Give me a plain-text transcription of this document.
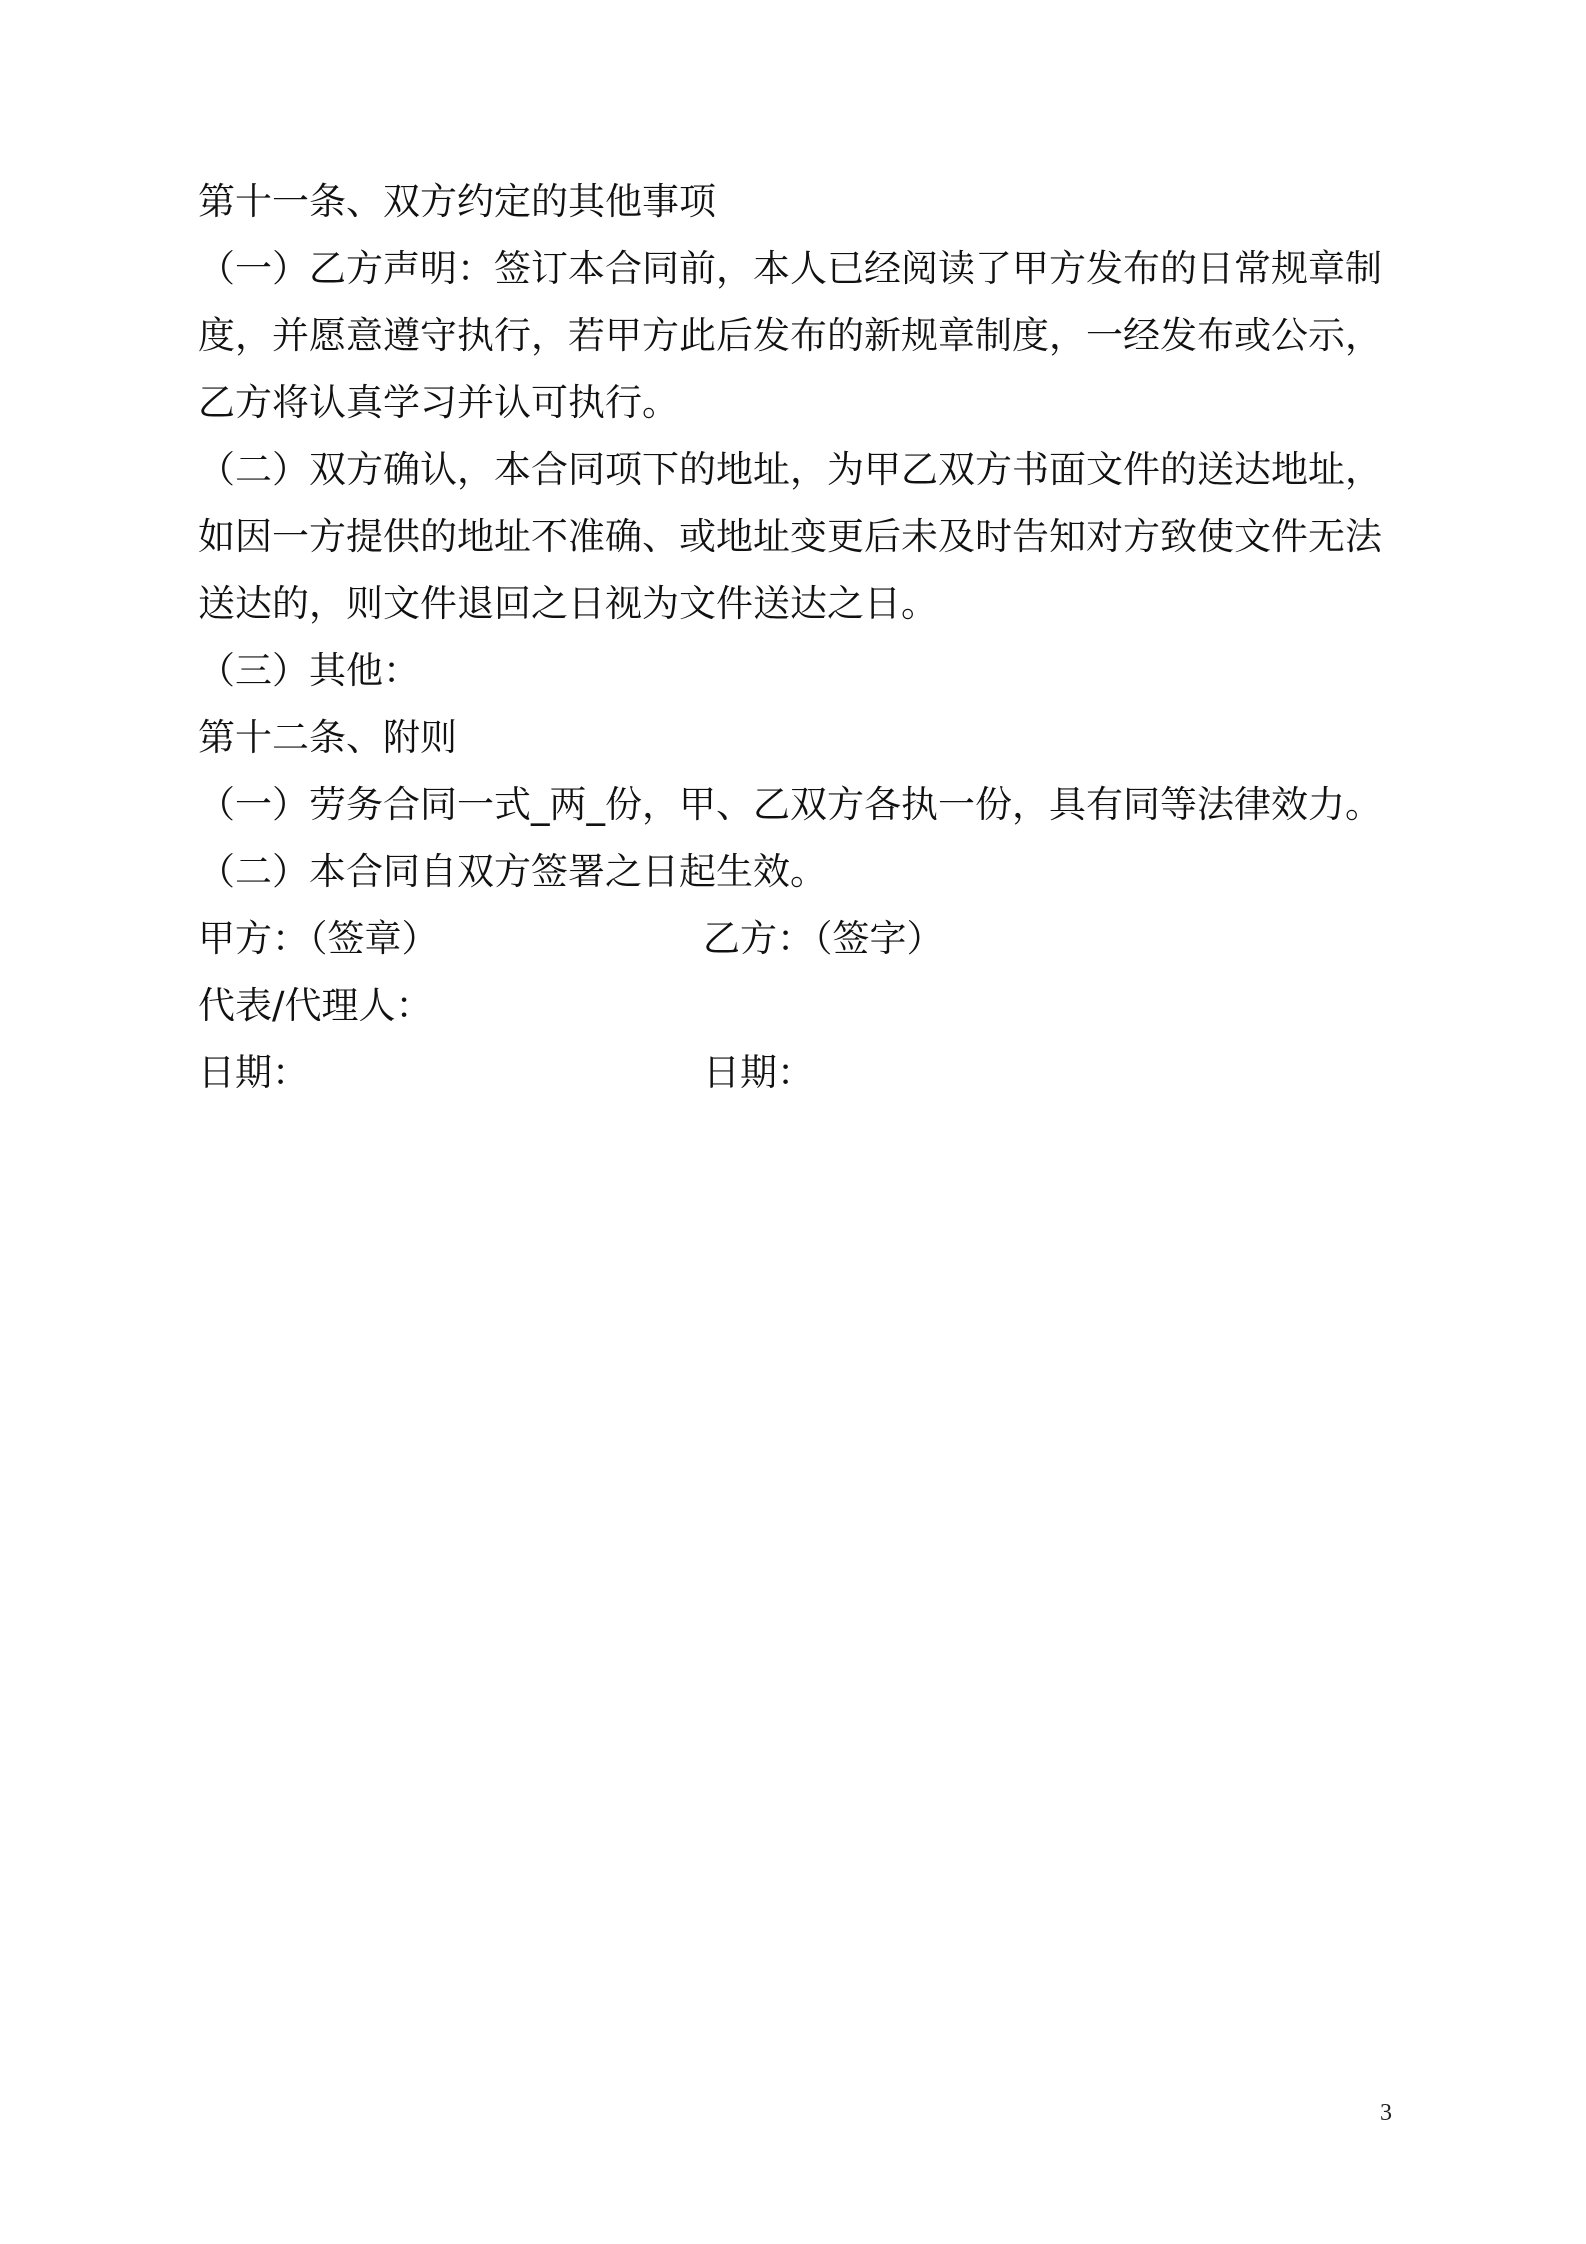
第十一条、双方约定的其他事项

（一）乙方声明：签订本合同前，本人已经阅读了甲方发布的日常规章制

度，并愿意遵守执行，若甲方此后发布的新规章制度，一经发布或公示，

乙方将认真学习并认可执行。

（二）双方确认，本合同项下的地址，为甲乙双方书面文件的送达地址，

如因一方提供的地址不准确、或地址变更后未及时告知对方致使文件无法

送达的，则文件退回之日视为文件送达之日。

（三）其他：

第十二条、附则

（一）劳务合同一式_两_份，甲、乙双方各执一份，具有同等法律效力。

（二）本合同自双方签署之日起生效。

甲方：（签章）	乙方：（签字）
代表/代理人：
日期：	日期：
3
